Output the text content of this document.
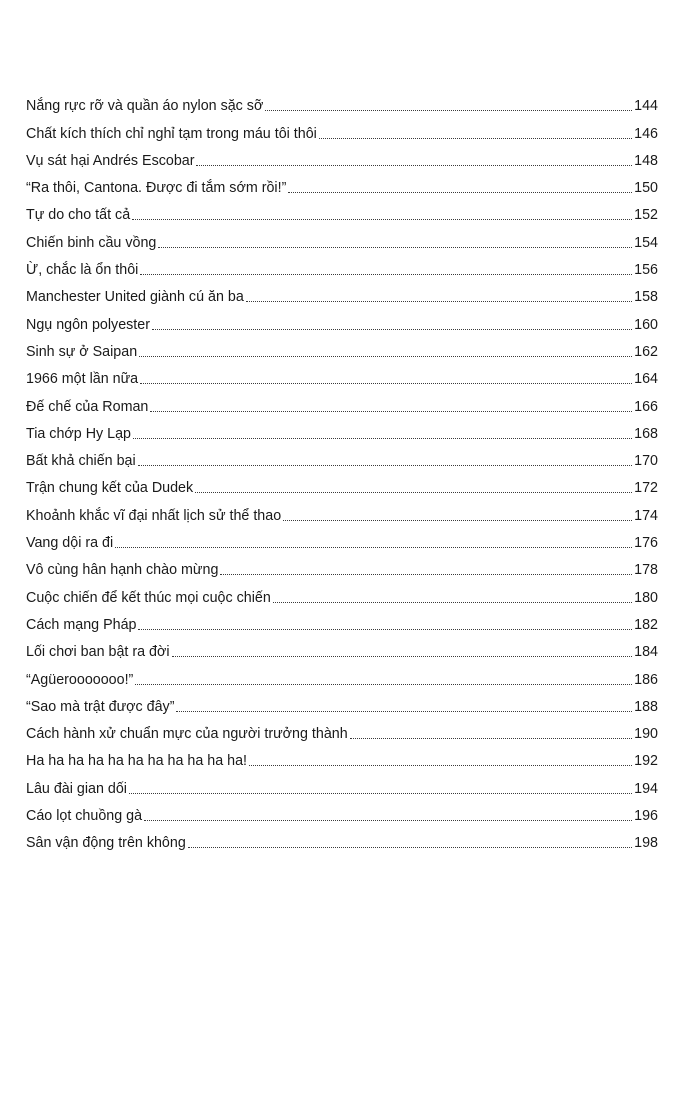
Nắng rực rỡ và quần áo nylon sặc sỡ	144
Chất kích thích chỉ nghỉ tạm trong máu tôi thôi	146
Vụ sát hại Andrés Escobar	148
“Ra thôi, Cantona. Được đi tắm sớm rồi!”	150
Tự do cho tất cả	152
Chiến binh cầu vồng	154
Ừ, chắc là ổn thôi	156
Manchester United giành cú ăn ba	158
Ngụ ngôn polyester	160
Sinh sự ở Saipan	162
1966 một lần nữa	164
Đế chế của Roman	166
Tia chớp Hy Lạp	168
Bất khả chiến bại	170
Trận chung kết của Dudek	172
Khoảnh khắc vĩ đại nhất lịch sử thể thao	174
Vang dội ra đi	176
Vô cùng hân hạnh chào mừng	178
Cuộc chiến để kết thúc mọi cuộc chiến	180
Cách mạng Pháp	182
Lối chơi ban bật ra đời	184
“Agüerooooooo!”	186
“Sao mà trật được đây”	188
Cách hành xử chuẩn mực của người trưởng thành	190
Ha ha ha ha ha ha ha ha ha ha ha!	192
Lâu đài gian dối	194
Cáo lọt chuồng gà	196
Sân vận động trên không	198
